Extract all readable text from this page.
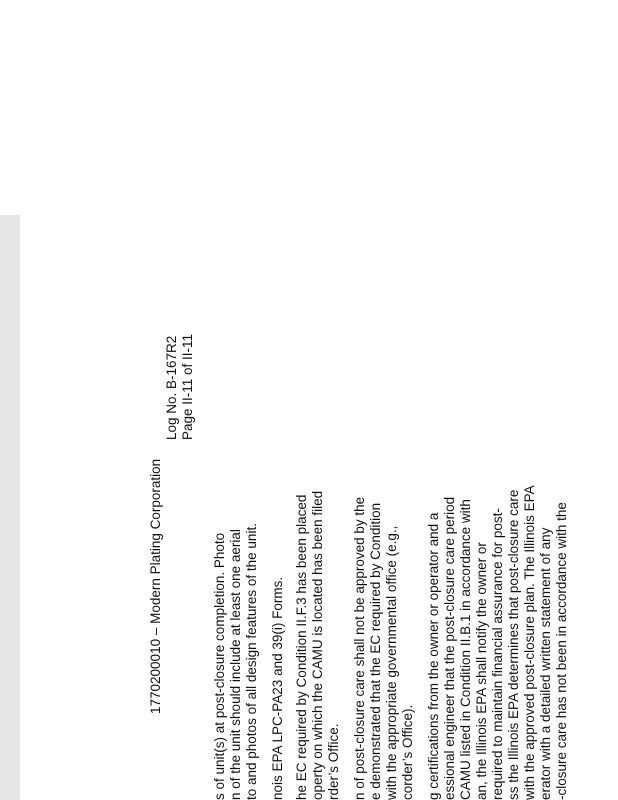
1770200010 – Modern Plating Corporation
Log No. B-167R2 Page II-11 of II-11
s of unit(s) at post-closure completion. Photo n of the unit should include at least one aerial to and photos of all design features of the unit. nois EPA LPC-PA23 and 39(i) Forms. he EC required by Condition II.F.3 has been placed operty on which the CAMU is located has been filed rder’s Office. n of post-closure care shall not be approved by the e demonstrated that the EC required by Condition with the appropriate governmental office (e.g., corder’s Office). g certifications from the owner or operator and a essional engineer that the post-closure care period CAMU listed in Condition II.B.1 in accordance with an, the Illinois EPA shall notify the owner or required to maintain financial assurance for post- ss the Illinois EPA determines that post-closure care with the approved post-closure plan. The Illinois EPA erator with a detailed written statement of any -closure care has not been in accordance with the
